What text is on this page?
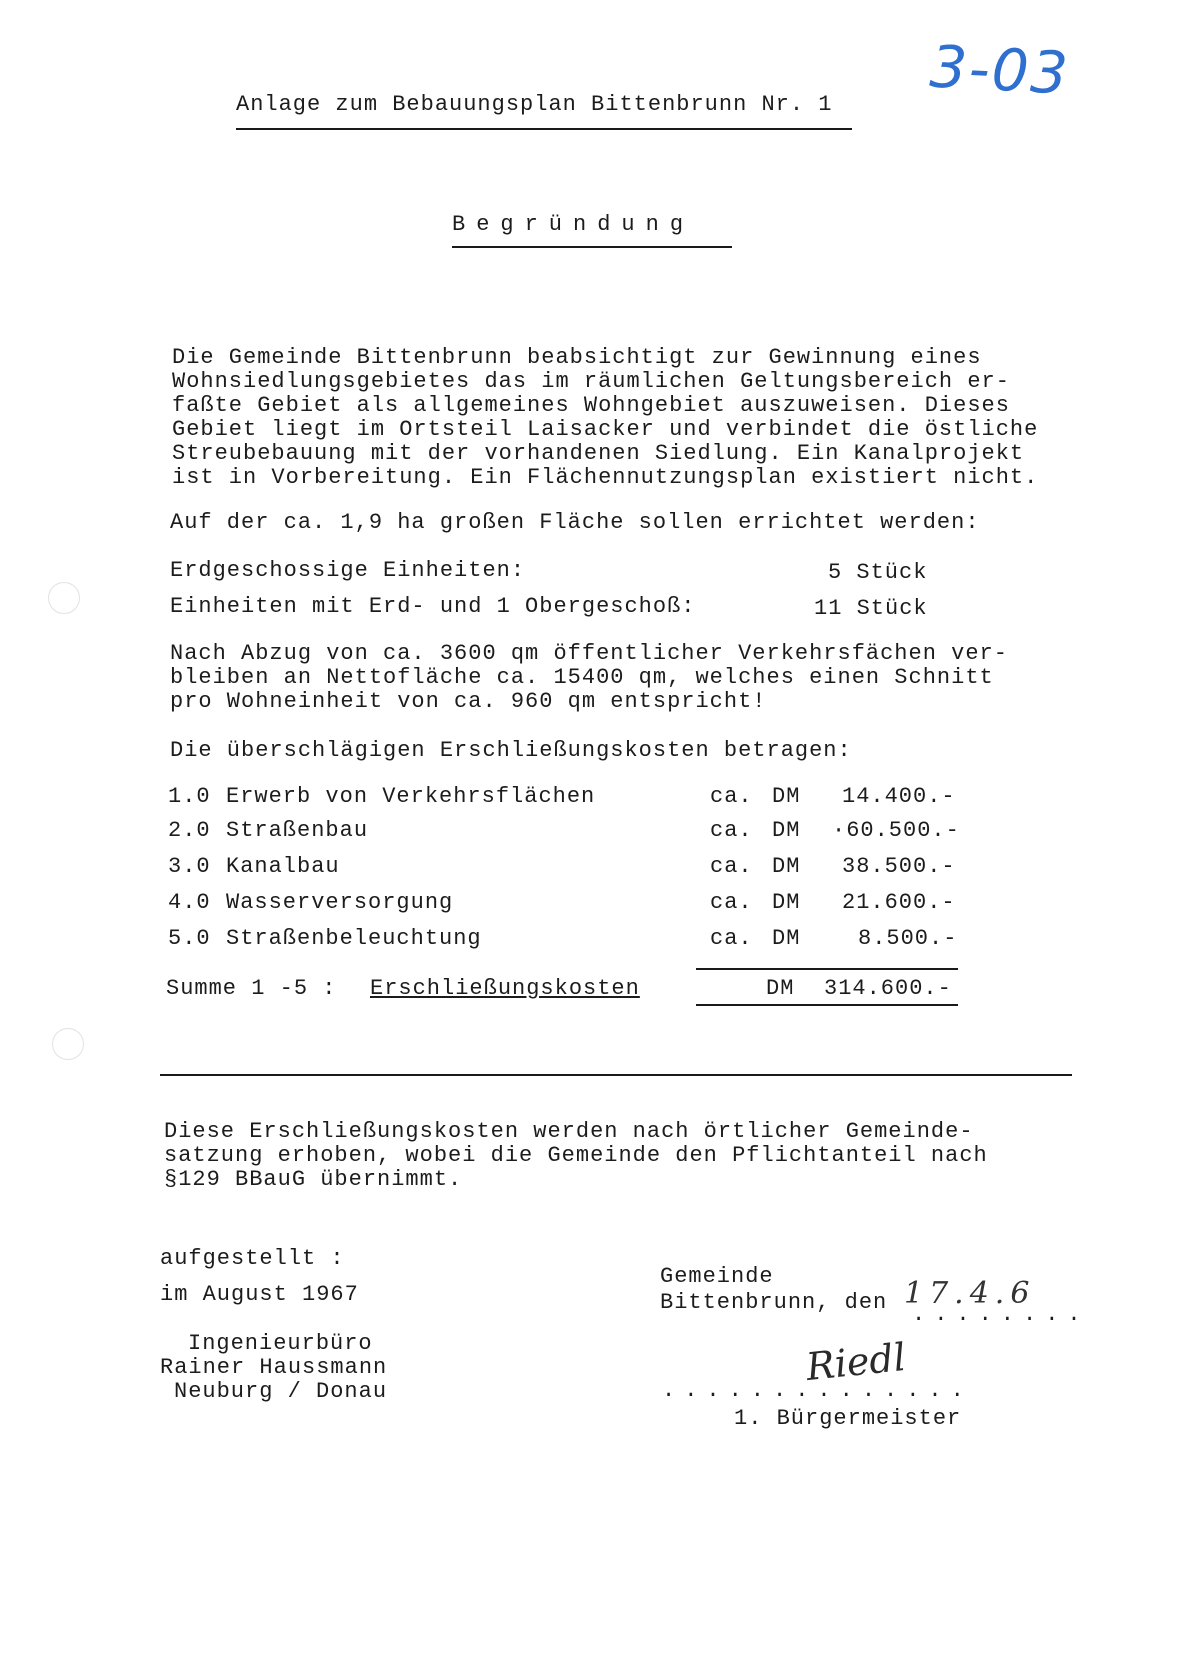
Anlage zum Bebauungsplan Bittenbrunn Nr. 1 3-03
Begründung
Die Gemeinde Bittenbrunn beabsichtigt zur Gewinnung eines
Wohnsiedlungsgebietes das im räumlichen Geltungsbereich er-
faßte Gebiet als allgemeines Wohngebiet auszuweisen. Dieses
Gebiet liegt im Ortsteil Laisacker und verbindet die östliche
Streubebauung mit der vorhandenen Siedlung. Ein Kanalprojekt
ist in Vorbereitung. Ein Flächennutzungsplan existiert nicht.
Auf der ca. 1,9 ha großen Fläche sollen errichtet werden:
Erdgeschossige Einheiten:	5 Stück
Einheiten mit Erd- und 1 Obergeschoß:	11 Stück
Nach Abzug von ca. 3600 qm öffentlicher Verkehrsfächen ver-
bleiben an Nettofläche ca. 15400 qm, welches einen Schnitt
pro Wohneinheit von ca. 960 qm entspricht!
Die überschlägigen Erschließungskosten betragen:
1.0 Erwerb von Verkehrsflächen	ca. DM 14.400.-
2.0 Straßenbau	ca. DM ·60.500.-
3.0 Kanalbau	ca. DM 38.500.-
4.0 Wasserversorgung	ca. DM 21.600.-
5.0 Straßenbeleuchtung	ca. DM	8.500.-
Summe 1 -5 : Erschließungskosten	DM 314.600.-
Diese Erschließungskosten werden nach örtlicher Gemeinde-
satzung erhoben, wobei die Gemeinde den Pflichtanteil nach
§129 BBauG übernimmt.
aufgestellt :
im August 1967
Ingenieurbüro
Rainer Haussmann
Neuburg / Donau
Gemeinde
Bittenbrunn, den 17.4.6
........
Riedl
..............
1. Bürgermeister
